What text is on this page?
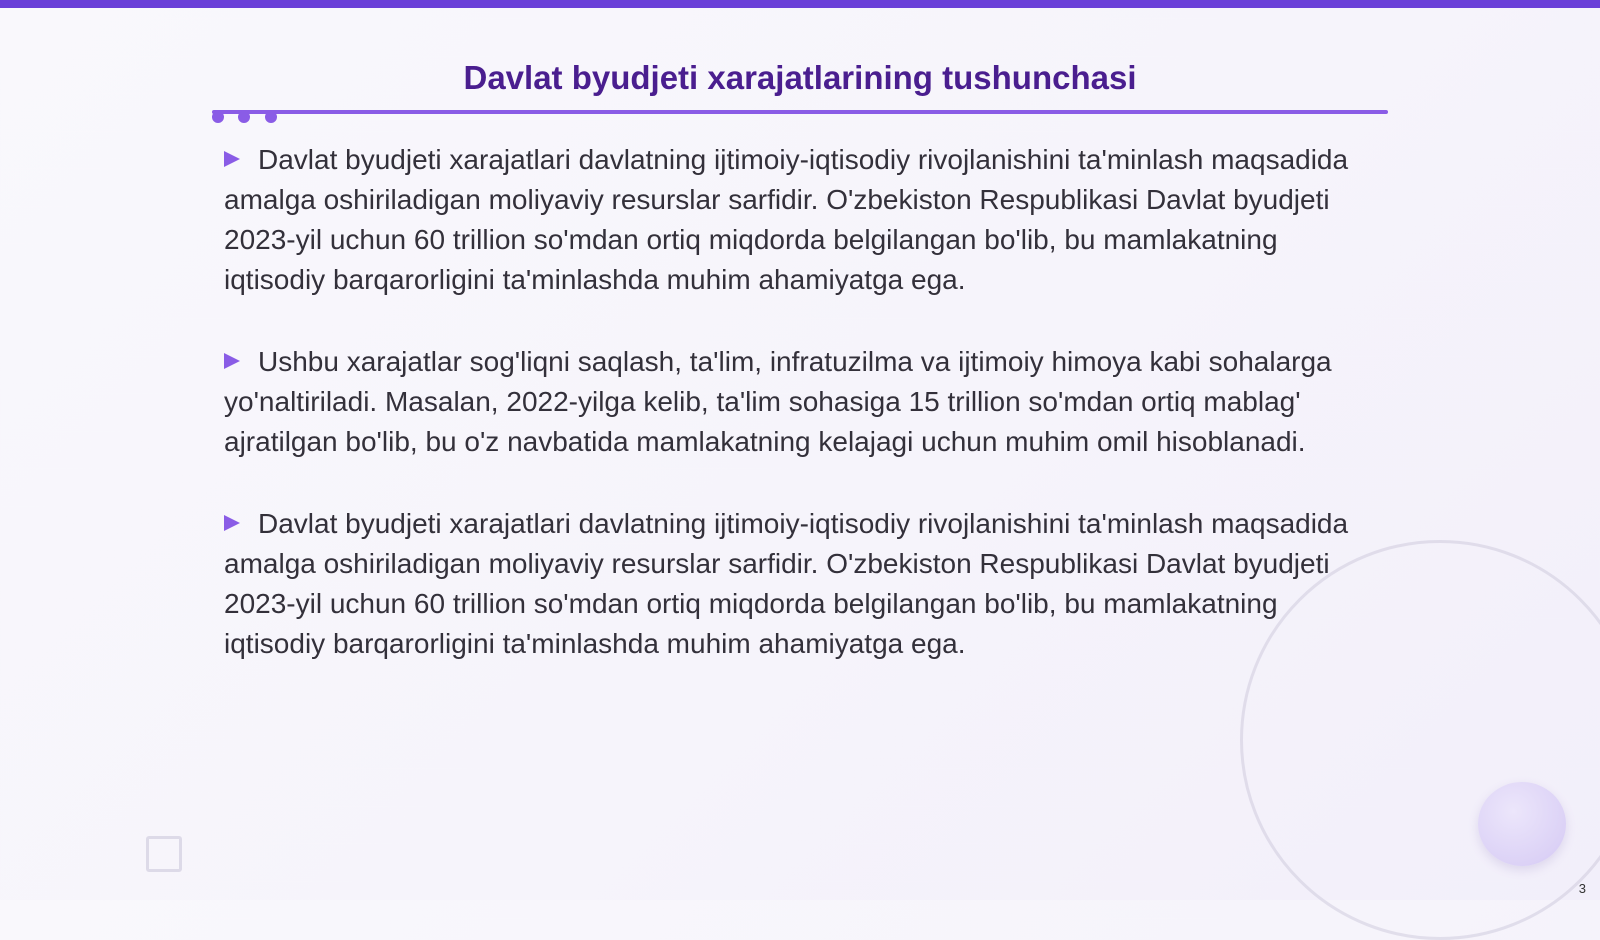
Davlat byudjeti xarajatlarining tushunchasi

Davlat byudjeti xarajatlari davlatning ijtimoiy-iqtisodiy rivojlanishini ta'minlash maqsadida amalga oshiriladigan moliyaviy resurslar sarfidir. O'zbekiston Respublikasi Davlat byudjeti 2023-yil uchun 60 trillion so'mdan ortiq miqdorda belgilangan bo'lib, bu mamlakatning iqtisodiy barqarorligini ta'minlashda muhim ahamiyatga ega.

Ushbu xarajatlar sog'liqni saqlash, ta'lim, infratuzilma va ijtimoiy himoya kabi sohalarga yo'naltiriladi. Masalan, 2022-yilga kelib, ta'lim sohasiga 15 trillion so'mdan ortiq mablag' ajratilgan bo'lib, bu o'z navbatida mamlakatning kelajagi uchun muhim omil hisoblanadi.

Davlat byudjeti xarajatlari davlatning ijtimoiy-iqtisodiy rivojlanishini ta'minlash maqsadida amalga oshiriladigan moliyaviy resurslar sarfidir. O'zbekiston Respublikasi Davlat byudjeti 2023-yil uchun 60 trillion so'mdan ortiq miqdorda belgilangan bo'lib, bu mamlakatning iqtisodiy barqarorligini ta'minlashda muhim ahamiyatga ega.

3
